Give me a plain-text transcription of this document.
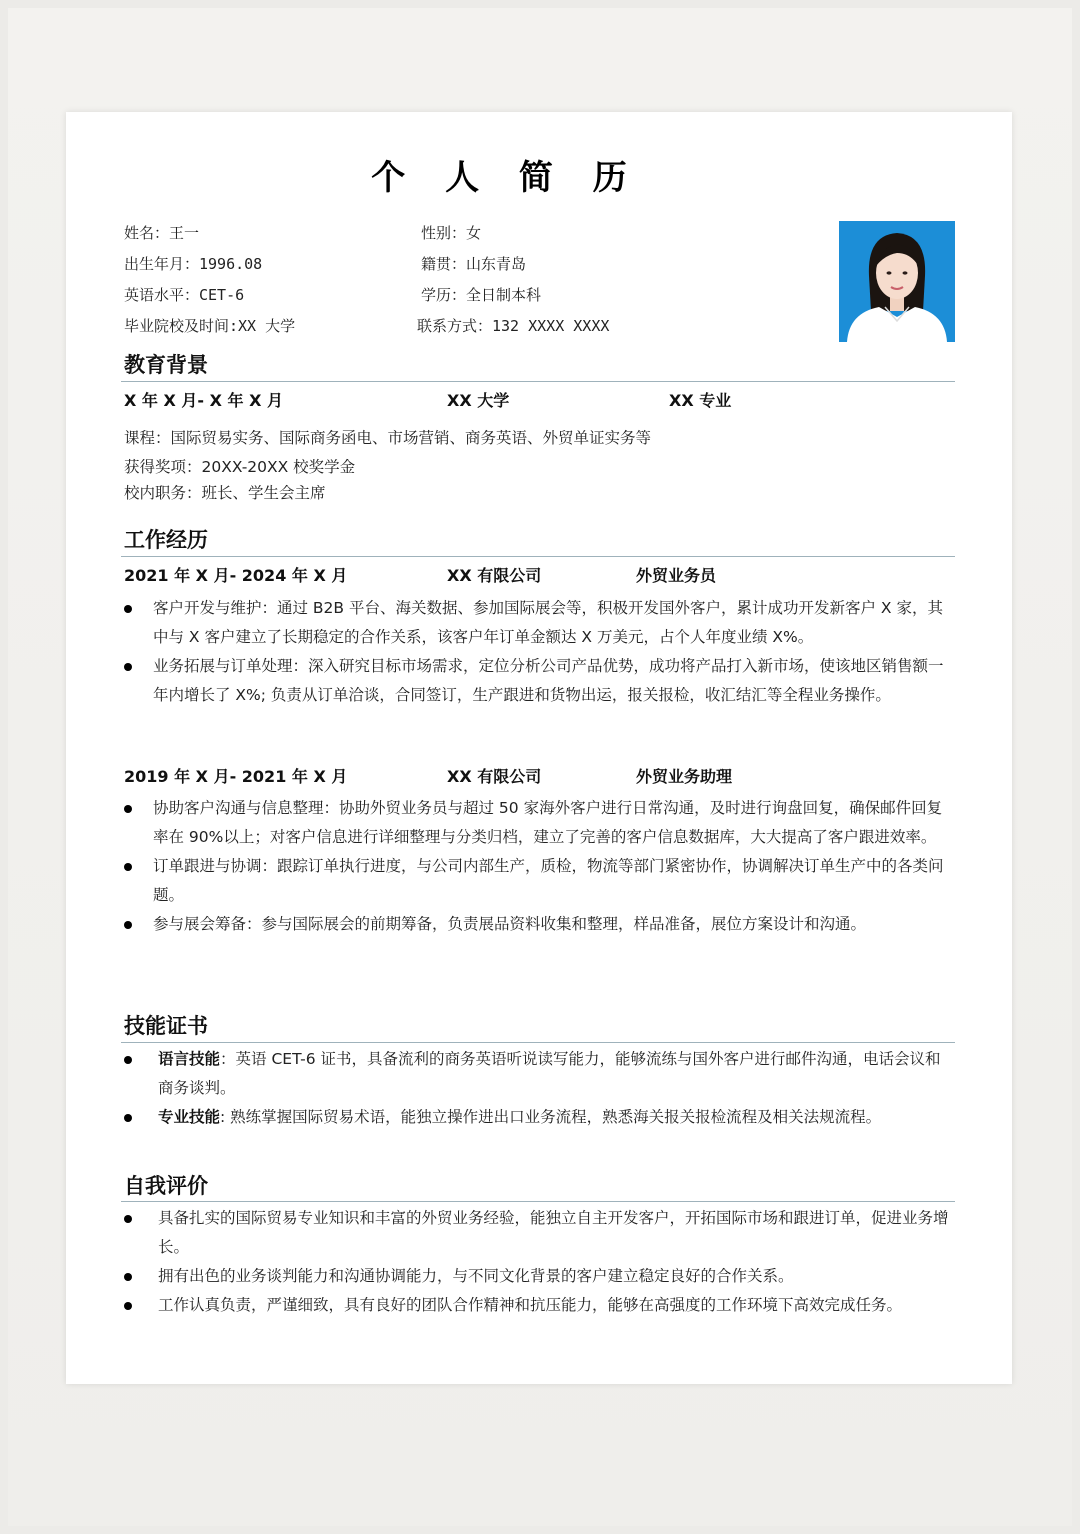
个 人 简 历
姓名：王一	性别：女
出生年月：1996.08	籍贯：山东青岛
英语水平：CET-6	学历：全日制本科
毕业院校及时间:XX 大学	联系方式：132 XXXX XXXX
教育背景
X 年 X 月- X 年 X 月	XX 大学	XX 专业
课程：国际贸易实务、国际商务函电、市场营销、商务英语、外贸单证实务等
获得奖项：20XX-20XX 校奖学金
校内职务：班长、学生会主席
工作经历
2021 年 X 月- 2024 年 X 月	XX 有限公司	外贸业务员
客户开发与维护：通过 B2B 平台、海关数据、参加国际展会等，积极开发国外客户，累计成功开发新客户 X 家，其中与 X 客户建立了长期稳定的合作关系，该客户年订单金额达 X 万美元，占个人年度业绩 X%。
业务拓展与订单处理：深入研究目标市场需求，定位分析公司产品优势，成功将产品打入新市场，使该地区销售额一年内增长了 X%; 负责从订单洽谈，合同签订，生产跟进和货物出运，报关报检，收汇结汇等全程业务操作。
2019 年 X 月- 2021 年 X 月	XX 有限公司	外贸业务助理
协助客户沟通与信息整理：协助外贸业务员与超过 50 家海外客户进行日常沟通，及时进行询盘回复，确保邮件回复率在 90%以上；对客户信息进行详细整理与分类归档，建立了完善的客户信息数据库，大大提高了客户跟进效率。
订单跟进与协调：跟踪订单执行进度，与公司内部生产，质检，物流等部门紧密协作，协调解决订单生产中的各类问题。
参与展会筹备：参与国际展会的前期筹备，负责展品资料收集和整理，样品准备，展位方案设计和沟通。
技能证书
语言技能：英语 CET-6 证书，具备流利的商务英语听说读写能力，能够流练与国外客户进行邮件沟通，电话会议和商务谈判。
专业技能: 熟练掌握国际贸易术语，能独立操作进出口业务流程，熟悉海关报关报检流程及相关法规流程。
自我评价
具备扎实的国际贸易专业知识和丰富的外贸业务经验，能独立自主开发客户，开拓国际市场和跟进订单，促进业务增长。
拥有出色的业务谈判能力和沟通协调能力，与不同文化背景的客户建立稳定良好的合作关系。
工作认真负责，严谨细致，具有良好的团队合作精神和抗压能力，能够在高强度的工作环境下高效完成任务。
